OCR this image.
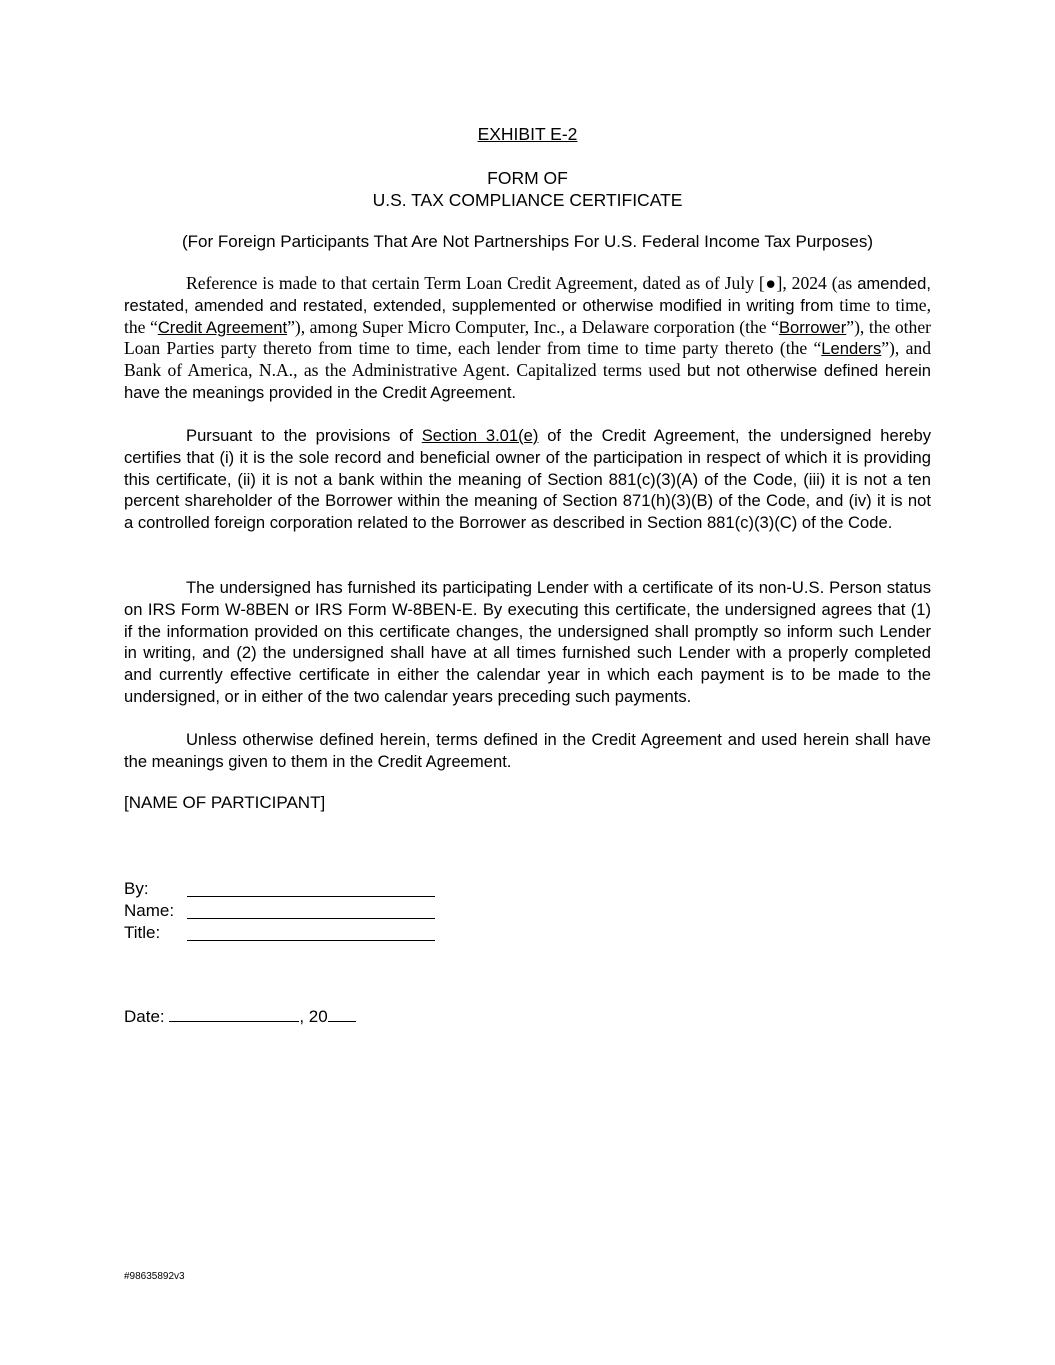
EXHIBIT E-2
FORM OF
U.S. TAX COMPLIANCE CERTIFICATE
(For Foreign Participants That Are Not Partnerships For U.S. Federal Income Tax Purposes)
Reference is made to that certain Term Loan Credit Agreement, dated as of July [●], 2024 (as amended, restated, amended and restated, extended, supplemented or otherwise modified in writing from time to time, the “Credit Agreement”), among Super Micro Computer, Inc., a Delaware corporation (the “Borrower”), the other Loan Parties party thereto from time to time, each lender from time to time party thereto (the “Lenders”), and Bank of America, N.A., as the Administrative Agent. Capitalized terms used but not otherwise defined herein have the meanings provided in the Credit Agreement.
Pursuant to the provisions of Section 3.01(e) of the Credit Agreement, the undersigned hereby certifies that (i) it is the sole record and beneficial owner of the participation in respect of which it is providing this certificate, (ii) it is not a bank within the meaning of Section 881(c)(3)(A) of the Code, (iii) it is not a ten percent shareholder of the Borrower within the meaning of Section 871(h)(3)(B) of the Code, and (iv) it is not a controlled foreign corporation related to the Borrower as described in Section 881(c)(3)(C) of the Code.
The undersigned has furnished its participating Lender with a certificate of its non-U.S. Person status on IRS Form W-8BEN or IRS Form W-8BEN-E. By executing this certificate, the undersigned agrees that (1) if the information provided on this certificate changes, the undersigned shall promptly so inform such Lender in writing, and (2) the undersigned shall have at all times furnished such Lender with a properly completed and currently effective certificate in either the calendar year in which each payment is to be made to the undersigned, or in either of the two calendar years preceding such payments.
Unless otherwise defined herein, terms defined in the Credit Agreement and used herein shall have the meanings given to them in the Credit Agreement.
[NAME OF PARTICIPANT]
By:
Name:
Title:
Date:	, 20
#98635892v3
